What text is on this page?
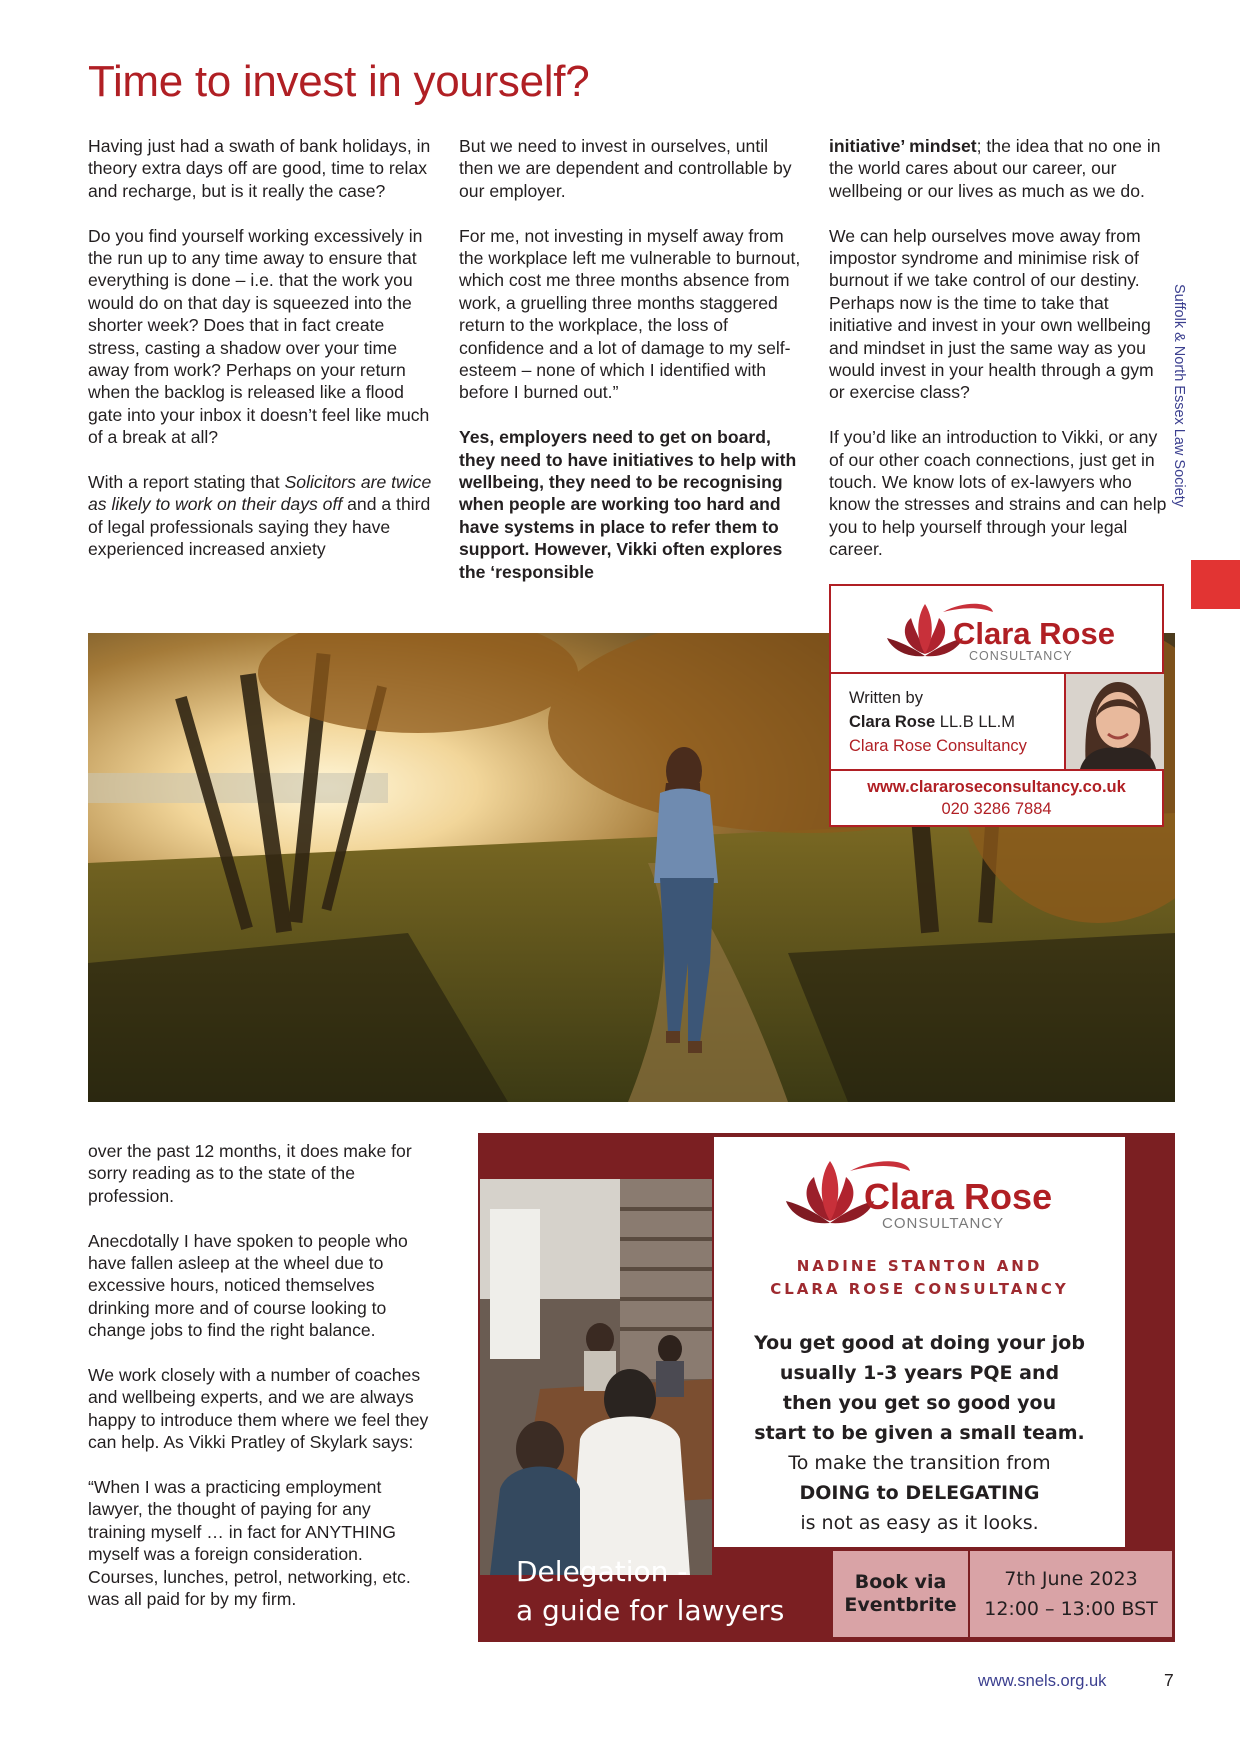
Time to invest in yourself?

Having just had a swath of bank holidays, in theory extra days off are good, time to relax and recharge, but is it really the case?

Do you find yourself working excessively in the run up to any time away to ensure that everything is done – i.e. that the work you would do on that day is squeezed into the shorter week? Does that in fact create stress, casting a shadow over your time away from work? Perhaps on your return when the backlog is released like a flood gate into your inbox it doesn’t feel like much of a break at all?

With a report stating that Solicitors are twice as likely to work on their days off and a third of legal professionals saying they have experienced increased anxiety

But we need to invest in ourselves, until then we are dependent and controllable by our employer.

For me, not investing in myself away from the workplace left me vulnerable to burnout, which cost me three months absence from work, a gruelling three months staggered return to the workplace, the loss of confidence and a lot of damage to my self-esteem – none of which I identified with before I burned out.”

Yes, employers need to get on board, they need to have initiatives to help with wellbeing, they need to be recognising when people are working too hard and have systems in place to refer them to support. However, Vikki often explores the ‘responsible

initiative’ mindset; the idea that no one in the world cares about our career, our wellbeing or our lives as much as we do.

We can help ourselves move away from impostor syndrome and minimise risk of burnout if we take control of our destiny. Perhaps now is the time to take that initiative and invest in your own wellbeing and mindset in just the same way as you would invest in your health through a gym or exercise class?

If you’d like an introduction to Vikki, or any of our other coach connections, just get in touch. We know lots of ex-lawyers who know the stresses and strains and can help you to help yourself through your legal career.

Suffolk & North Essex Law Society
Clara Rose
CONSULTANCY
Written by
Clara Rose LL.B LL.M
Clara Rose Consultancy
www.clararoseconsultancy.co.uk
020 3286 7884

over the past 12 months, it does make for sorry reading as to the state of the profession.

Anecdotally I have spoken to people who have fallen asleep at the wheel due to excessive hours, noticed themselves drinking more and of course looking to change jobs to find the right balance.

We work closely with a number of coaches and wellbeing experts, and we are always happy to introduce them where we feel they can help. As Vikki Pratley of Skylark says:

“When I was a practicing employment lawyer, the thought of paying for any training myself … in fact for ANYTHING myself was a foreign consideration. Courses, lunches, petrol, networking, etc. was all paid for by my firm.

Clara Rose
CONSULTANCY
NADINE STANTON AND
CLARA ROSE CONSULTANCY
You get good at doing your job usually 1-3 years PQE and then you get so good you start to be given a small team.
To make the transition from
DOING to DELEGATING
is not as easy as it looks.
Delegation -
a guide for lawyers
Book via
Eventbrite
7th June 2023
12:00 – 13:00 BST
www.snels.org.uk	7
